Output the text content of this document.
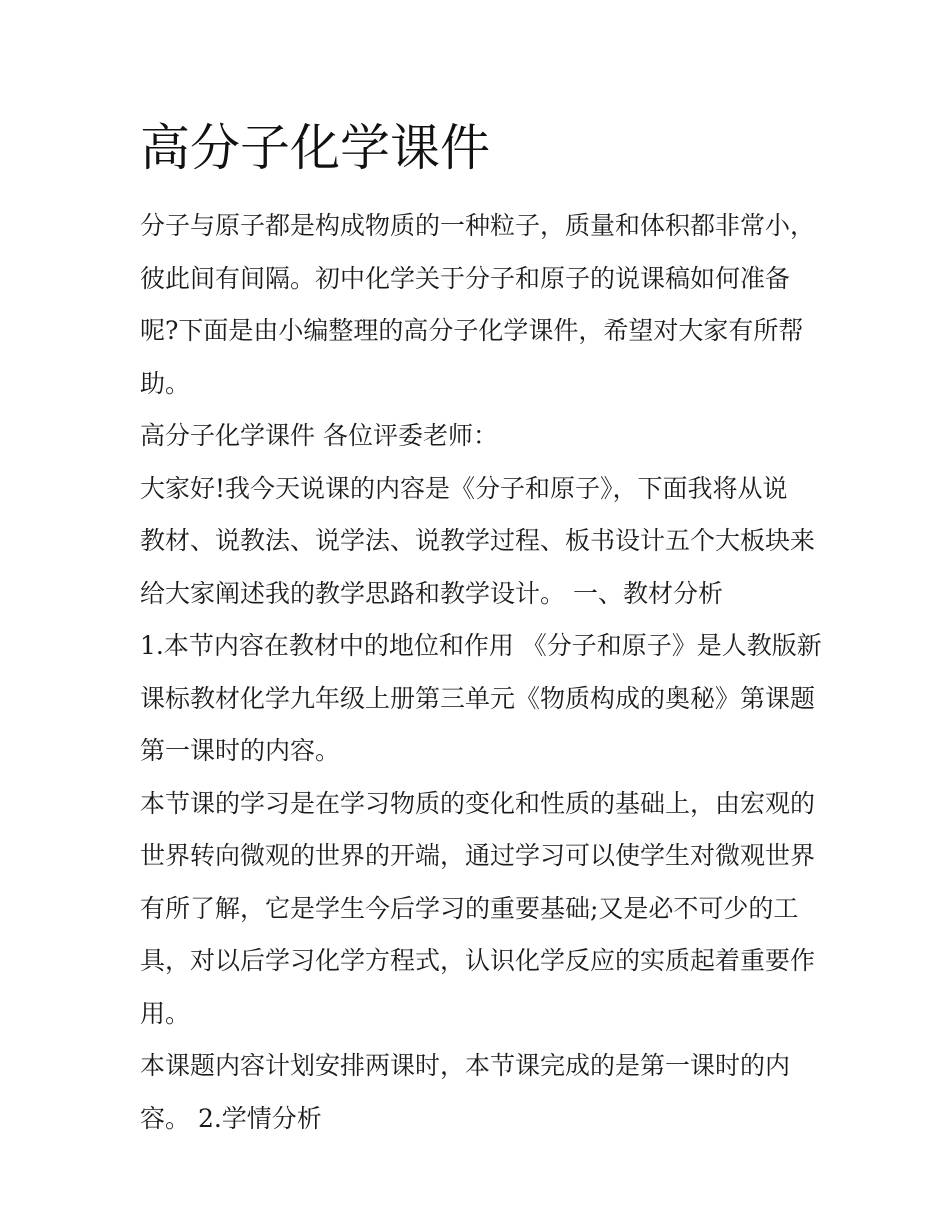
高分子化学课件

分子与原子都是构成物质的一种粒子，质量和体积都非常小，
彼此间有间隔。初中化学关于分子和原子的说课稿如何准备
呢?下面是由小编整理的高分子化学课件，希望对大家有所帮
助。

高分子化学课件 各位评委老师：

大家好!我今天说课的内容是《分子和原子》，下面我将从说
教材、说教法、说学法、说教学过程、板书设计五个大板块来
给大家阐述我的教学思路和教学设计。 一、教材分析

1.本节内容在教材中的地位和作用 《分子和原子》是人教版新
课标教材化学九年级上册第三单元《物质构成的奥秘》第课题
第一课时的内容。

本节课的学习是在学习物质的变化和性质的基础上，由宏观的
世界转向微观的世界的开端，通过学习可以使学生对微观世界
有所了解，它是学生今后学习的重要基础;又是必不可少的工
具，对以后学习化学方程式，认识化学反应的实质起着重要作
用。

本课题内容计划安排两课时，本节课完成的是第一课时的内
容。 2.学情分析
